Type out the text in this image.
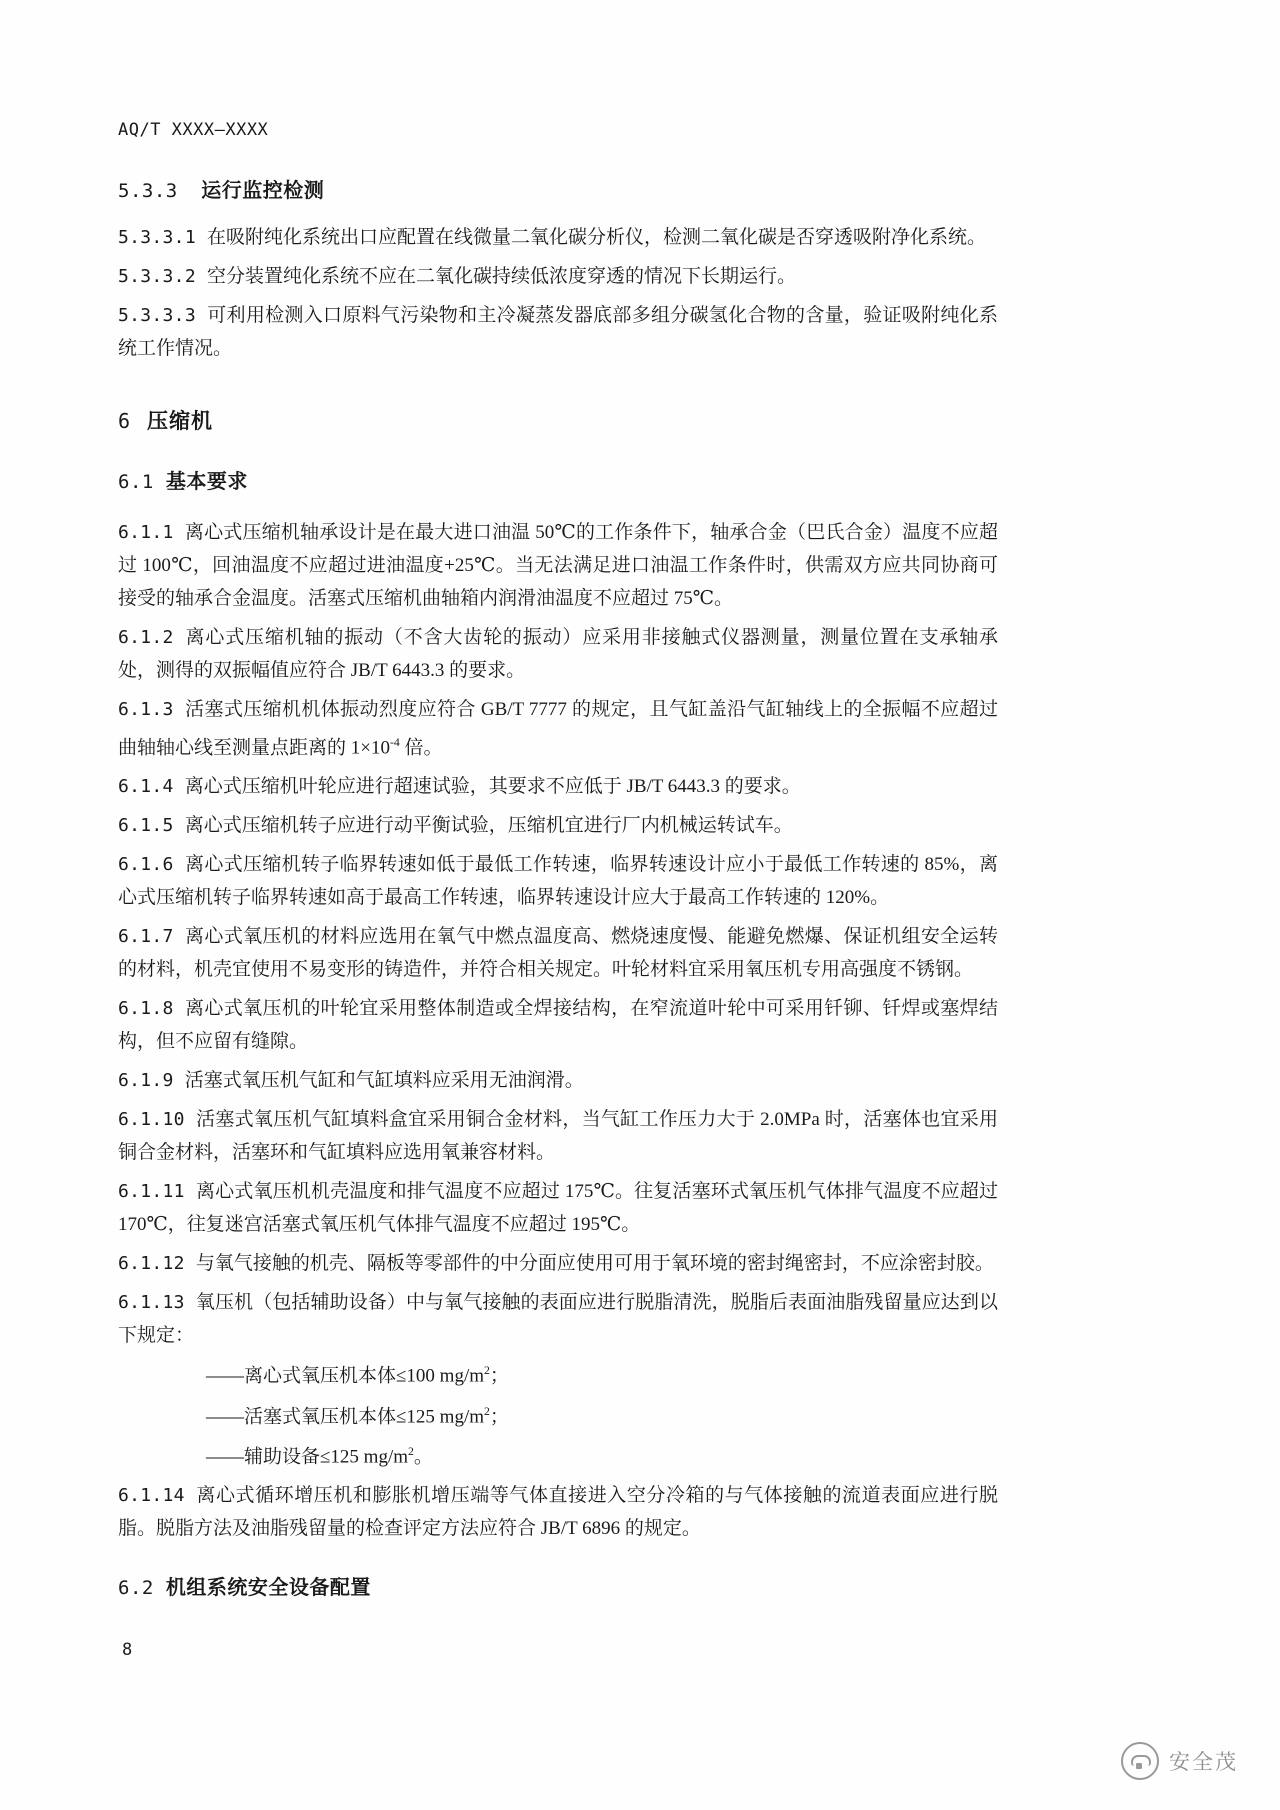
AQ/T XXXX—XXXX
5.3.3 运行监控检测

5.3.3.1 在吸附纯化系统出口应配置在线微量二氧化碳分析仪，检测二氧化碳是否穿透吸附净化系统。

5.3.3.2 空分装置纯化系统不应在二氧化碳持续低浓度穿透的情况下长期运行。

5.3.3.3 可利用检测入口原料气污染物和主冷凝蒸发器底部多组分碳氢化合物的含量，验证吸附纯化系统工作情况。

6 压缩机
6.1 基本要求

6.1.1 离心式压缩机轴承设计是在最大进口油温 50℃的工作条件下，轴承合金（巴氏合金）温度不应超过 100℃，回油温度不应超过进油温度+25℃。当无法满足进口油温工作条件时，供需双方应共同协商可接受的轴承合金温度。活塞式压缩机曲轴箱内润滑油温度不应超过 75℃。

6.1.2 离心式压缩机轴的振动（不含大齿轮的振动）应采用非接触式仪器测量，测量位置在支承轴承处，测得的双振幅值应符合 JB/T 6443.3 的要求。

6.1.3 活塞式压缩机机体振动烈度应符合 GB/T 7777 的规定，且气缸盖沿气缸轴线上的全振幅不应超过曲轴轴心线至测量点距离的 $1\times 10^{-4}$ 倍。

6.1.4 离心式压缩机叶轮应进行超速试验，其要求不应低于 JB/T 6443.3 的要求。

6.1.5 离心式压缩机转子应进行动平衡试验，压缩机宜进行厂内机械运转试车。

6.1.6 离心式压缩机转子临界转速如低于最低工作转速，临界转速设计应小于最低工作转速的 85%，离心式压缩机转子临界转速如高于最高工作转速，临界转速设计应大于最高工作转速的 120%。

6.1.7 离心式氧压机的材料应选用在氧气中燃点温度高、燃烧速度慢、能避免燃爆、保证机组安全运转的材料，机壳宜使用不易变形的铸造件，并符合相关规定。叶轮材料宜采用氧压机专用高强度不锈钢。

6.1.8 离心式氧压机的叶轮宜采用整体制造或全焊接结构，在窄流道叶轮中可采用钎铆、钎焊或塞焊结构，但不应留有缝隙。

6.1.9 活塞式氧压机气缸和气缸填料应采用无油润滑。

6.1.10 活塞式氧压机气缸填料盒宜采用铜合金材料，当气缸工作压力大于 2.0MPa 时，活塞体也宜采用铜合金材料，活塞环和气缸填料应选用氧兼容材料。

6.1.11 离心式氧压机机壳温度和排气温度不应超过 175℃。往复活塞环式氧压机气体排气温度不应超过 170℃，往复迷宫活塞式氧压机气体排气温度不应超过 195℃。

6.1.12 与氧气接触的机壳、隔板等零部件的中分面应使用可用于氧环境的密封绳密封，不应涂密封胶。

6.1.13 氧压机（包括辅助设备）中与氧气接触的表面应进行脱脂清洗，脱脂后表面油脂残留量应达到以下规定：

——离心式氧压机本体≤100 $mg/m^2$；
——活塞式氧压机本体≤125 $mg/m^2$；
——辅助设备≤125 $mg/m^2$。

6.1.14 离心式循环增压机和膨胀机增压端等气体直接进入空分冷箱的与气体接触的流道表面应进行脱脂。脱脂方法及油脂残留量的检查评定方法应符合 JB/T 6896 的规定。

6.2 机组系统安全设备配置
8
安全茂
